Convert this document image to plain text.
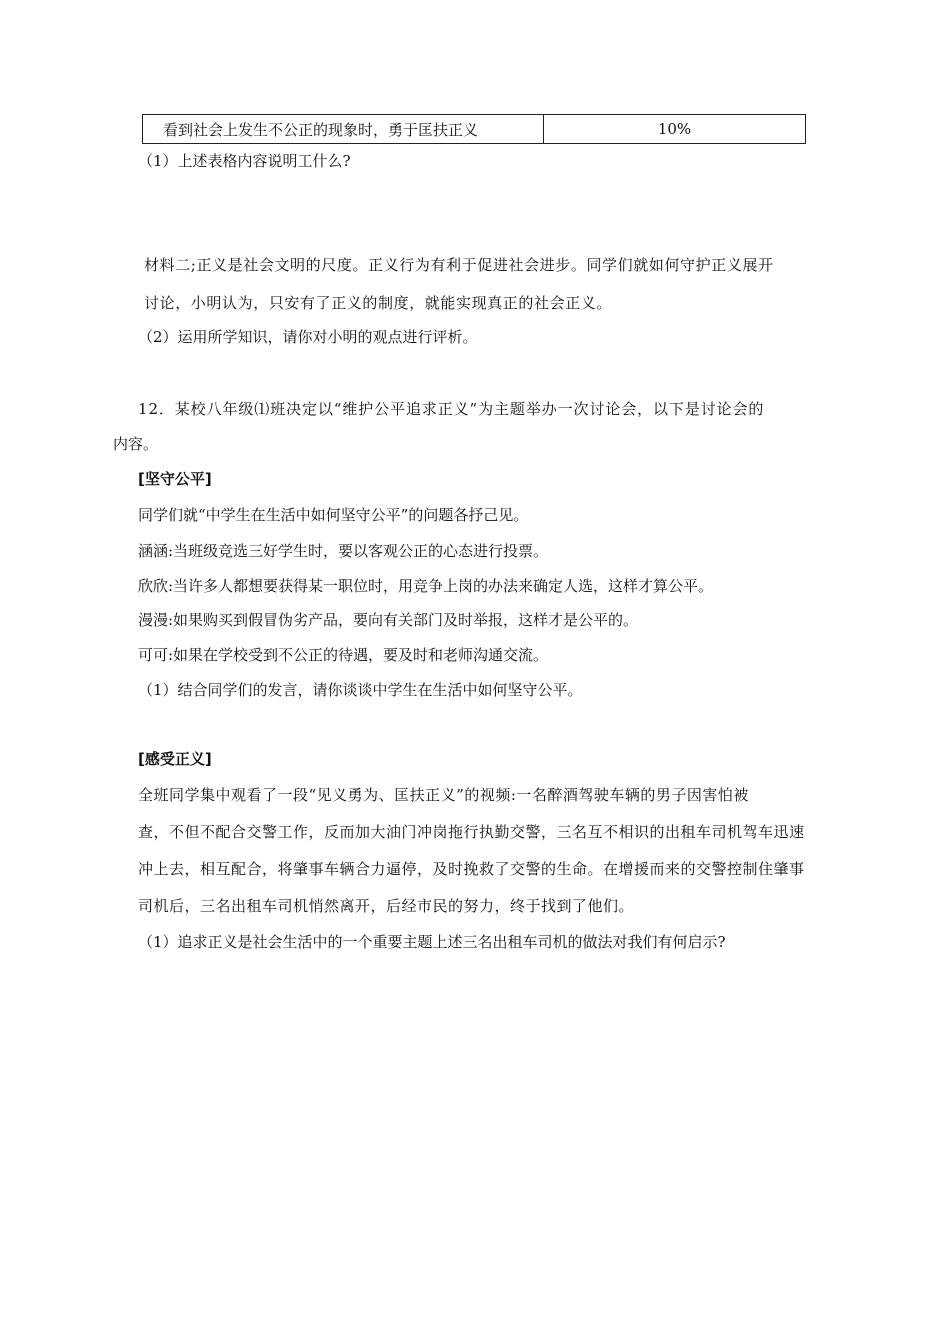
看到社会上发生不公正的现象时，勇于匡扶正义	10%
（1）上述表格内容说明工什么?
材料二;正义是社会文明的尺度。正义行为有利于促进社会进步。同学们就如何守护正义展开
讨论，小明认为，只安有了正义的制度，就能实现真正的社会正义。
（2）运用所学知识，请你对小明的观点进行评析。
12．某校八年级⑴班决定以“维护公平追求正义”为主题举办一次讨论会，以下是讨论会的
内容。
[坚守公平]
同学们就“中学生在生活中如何坚守公平”的问题各抒己见。
涵涵:当班级竞选三好学生时，要以客观公正的心态进行投票。
欣欣:当许多人都想要获得某一职位时，用竞争上岗的办法来确定人选，这样才算公平。
漫漫:如果购买到假冒伪劣产品，要向有关部门及时举报，这样才是公平的。
可可:如果在学校受到不公正的待遇，要及时和老师沟通交流。
（1）结合同学们的发言，请你谈谈中学生在生活中如何坚守公平。
[感受正义]
全班同学集中观看了一段“见义勇为、匡扶正义”的视频:一名醉酒驾驶车辆的男子因害怕被
查，不但不配合交警工作，反而加大油门冲岗拖行执勤交警，三名互不相识的出租车司机驾车迅速
冲上去，相互配合，将肇事车辆合力逼停，及时挽救了交警的生命。在增援而来的交警控制住肇事
司机后，三名出租车司机悄然离开，后经市民的努力，终于找到了他们。
（1）追求正义是社会生活中的一个重要主题上述三名出租车司机的做法对我们有何启示?
